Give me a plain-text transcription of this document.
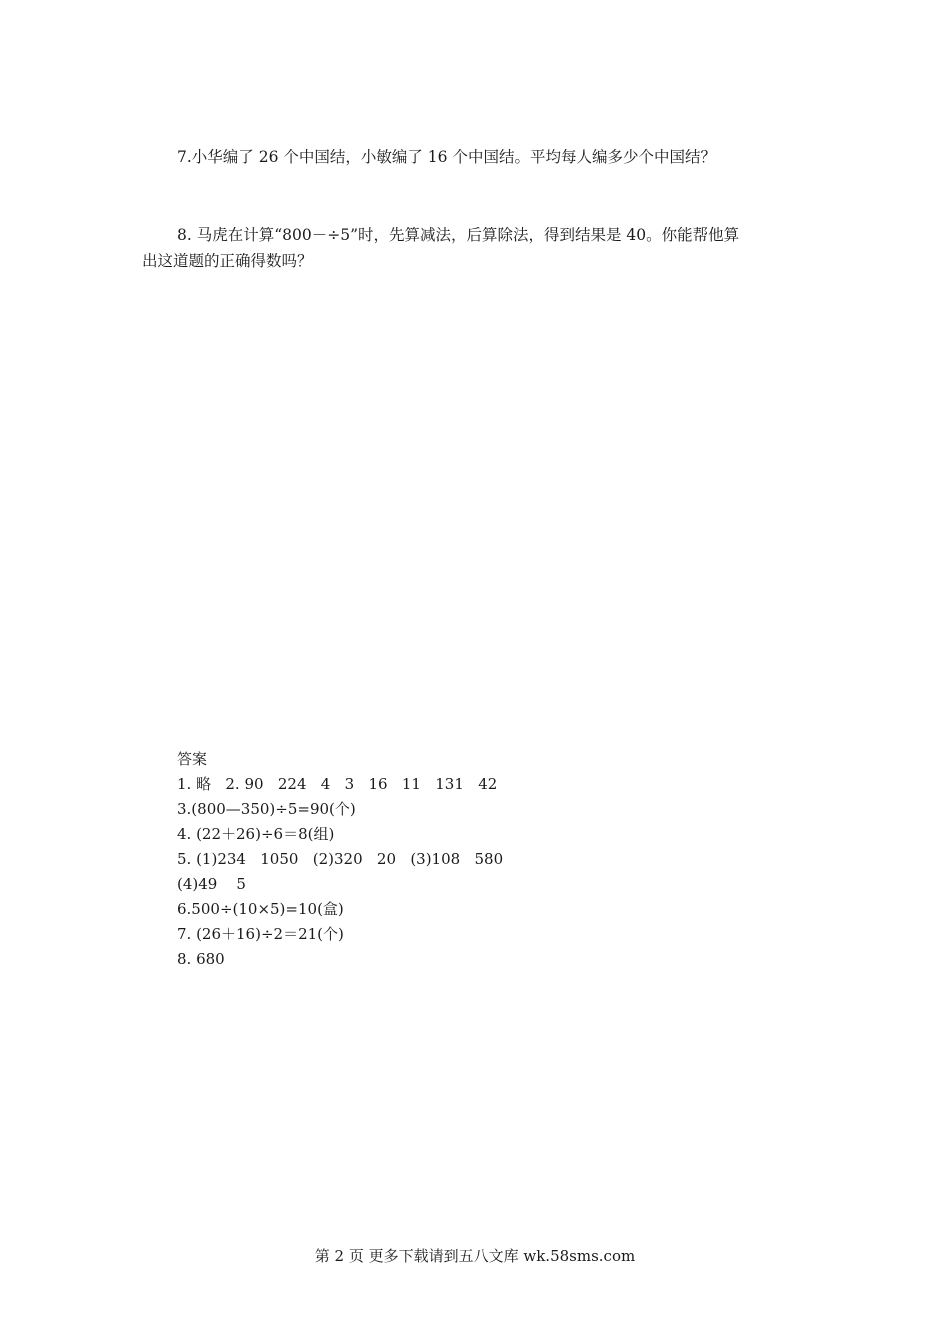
7.小华编了 26 个中国结，小敏编了 16 个中国结。平均每人编多少个中国结？

8. 马虎在计算“800－÷5”时，先算减法，后算除法，得到结果是 40。你能帮他算
出这道题的正确得数吗？

答案
1. 略   2. 90   224   4   3   16   11   131   42
3.(800—350)÷5=90(个)
4. (22＋26)÷6＝8(组)
5. (1)234   1050   (2)320   20   (3)108   580
(4)49    5
6.500÷(10×5)=10(盒)
7. (26＋16)÷2＝21(个)
8. 680
第 2 页 更多下载请到五八文库 wk.58sms.com
